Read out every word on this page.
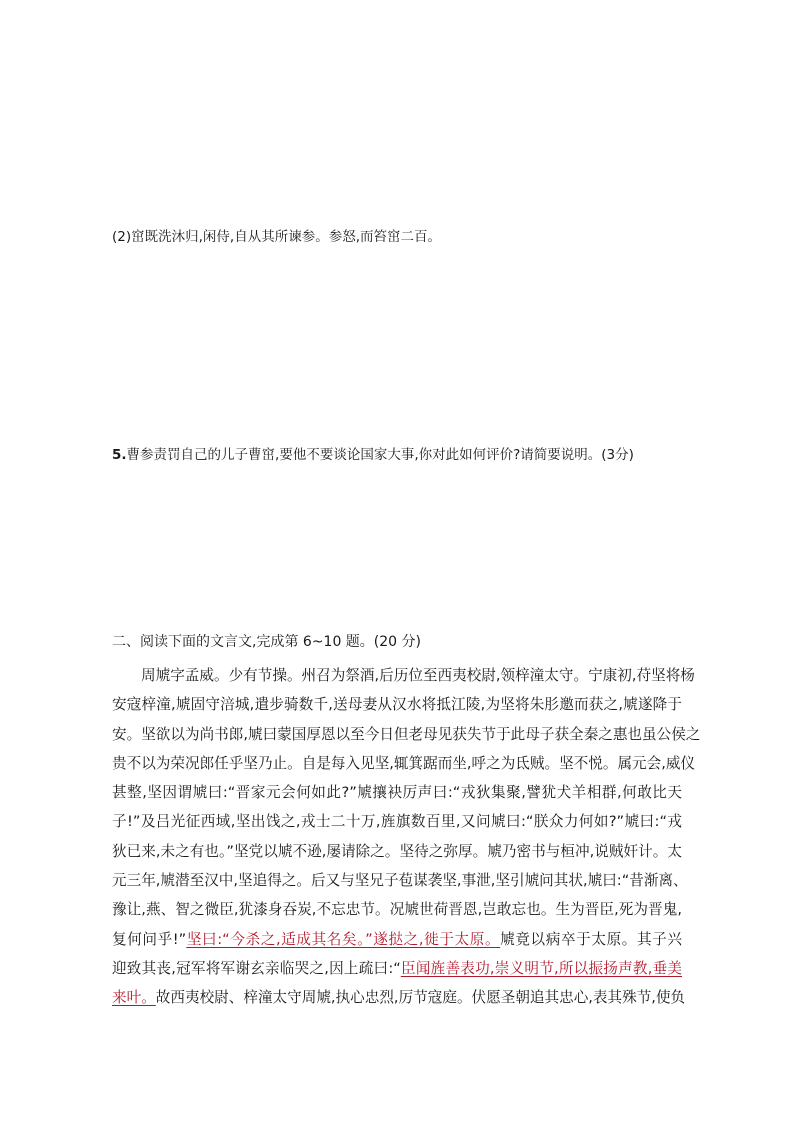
(2)窋既洗沐归,闲侍,自从其所谏参。参怒,而笞窋二百。
5.曹参责罚自己的儿子曹窋,要他不要谈论国家大事,你对此如何评价?请简要说明。(3分)
二、阅读下面的文言文,完成第 6~10 题。(20 分)
周虓字孟威。少有节操。州召为祭酒,后历位至西夷校尉,领梓潼太守。宁康初,苻坚将杨
安寇梓潼,虓固守涪城,遣步骑数千,送母妻从汉水将抵江陵,为坚将朱肜邀而获之,虓遂降于
安。坚欲以为尚书郎,虓曰蒙国厚恩以至今日但老母见获失节于此母子获全秦之惠也虽公侯之
贵不以为荣况郎任乎坚乃止。自是每入见坚,辄箕踞而坐,呼之为氐贼。坚不悦。属元会,威仪
甚整,坚因谓虓曰:“晋家元会何如此?”虓攘袂厉声曰:“戎狄集聚,譬犹犬羊相群,何敢比天
子!”及吕光征西域,坚出饯之,戎士二十万,旌旗数百里,又问虓曰:“朕众力何如?”虓曰:“戎
狄已来,未之有也。”坚党以虓不逊,屡请除之。坚待之弥厚。虓乃密书与桓冲,说贼奸计。太
元三年,虓潜至汉中,坚追得之。后又与坚兄子苞谋袭坚,事泄,坚引虓问其状,虓曰:“昔渐离、
豫让,燕、智之微臣,犹漆身吞炭,不忘忠节。况虓世荷晋恩,岂敢忘也。生为晋臣,死为晋鬼,
复何问乎!”坚曰:“今杀之,适成其名矣。”遂挞之,徙于太原。虓竟以病卒于太原。其子兴
迎致其丧,冠军将军谢玄亲临哭之,因上疏曰:“臣闻旌善表功,崇义明节,所以振扬声教,垂美
来叶。故西夷校尉、梓潼太守周虓,执心忠烈,厉节寇庭。伏愿圣朝追其忠心,表其殊节,使负
